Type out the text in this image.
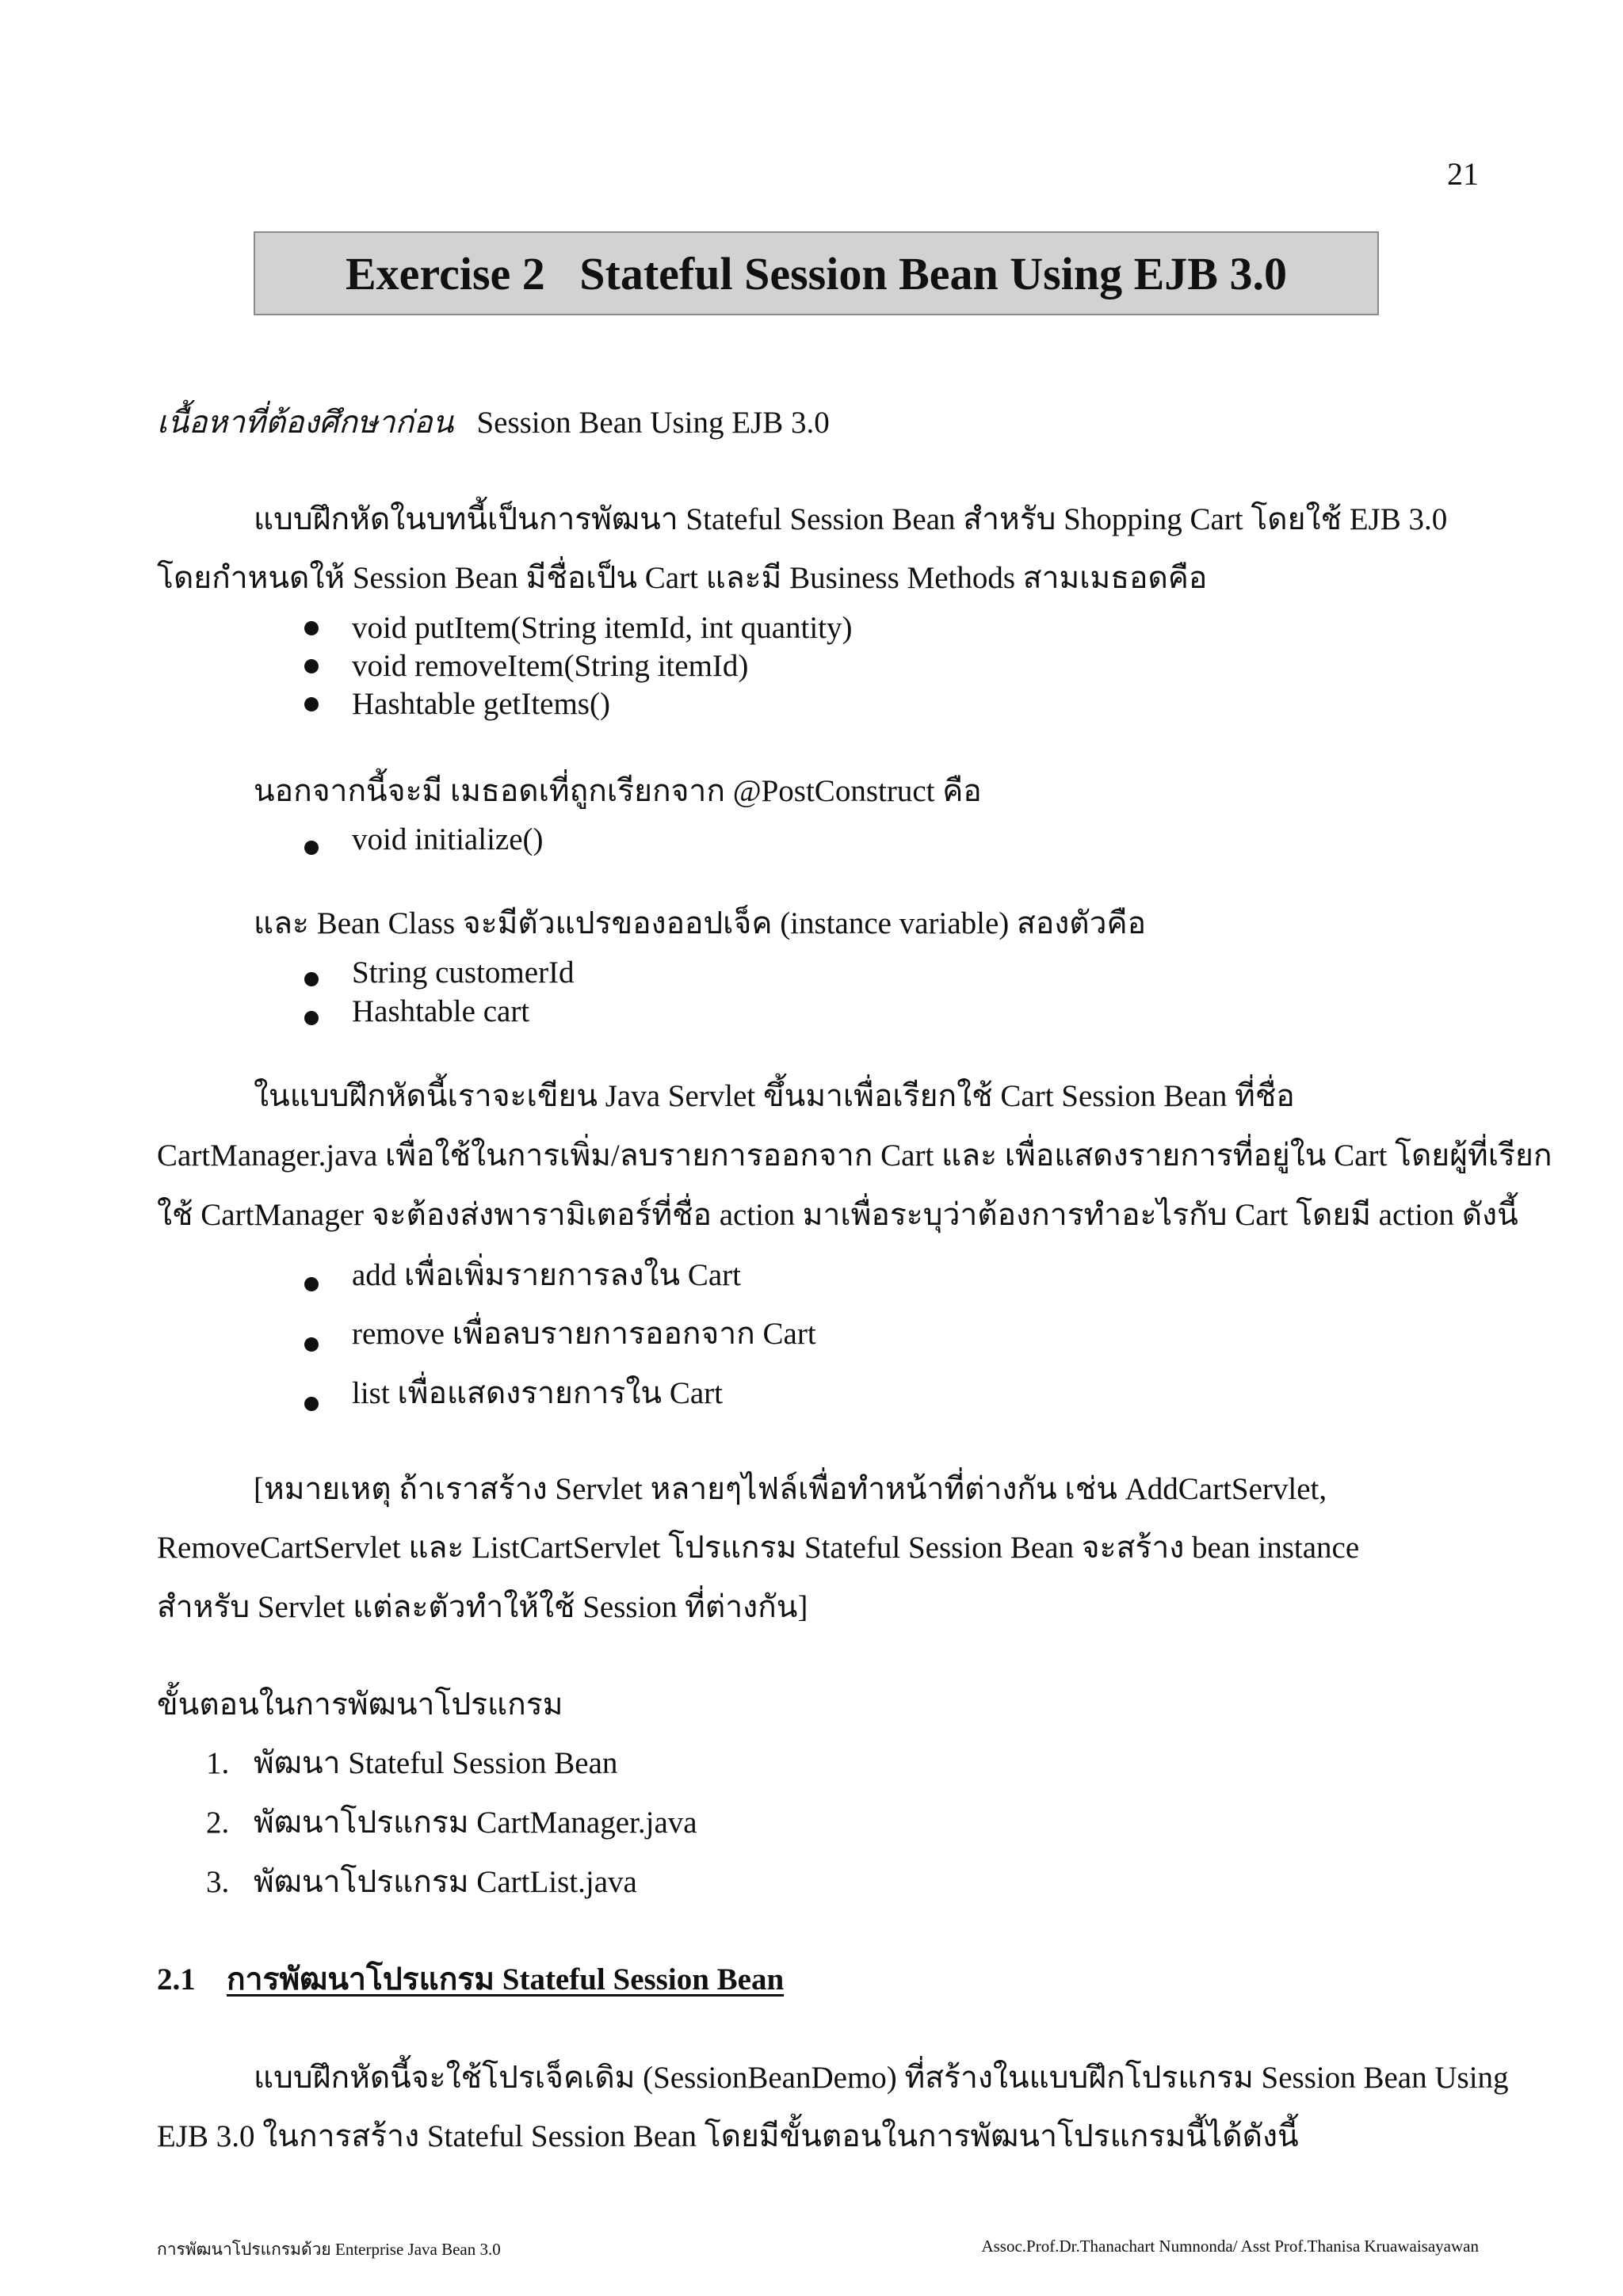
21
Exercise 2   Stateful Session Bean Using EJB 3.0
เนื้อหาที่ต้องศึกษาก่อน Session Bean Using EJB 3.0
แบบฝึกหัดในบทนี้เป็นการพัฒนา Stateful Session Bean สำหรับ Shopping Cart โดยใช้ EJB 3.0
โดยกำหนดให้ Session Bean มีชื่อเป็น Cart และมี Business Methods สามเมธอดคือ
void putItem(String itemId, int quantity)
void removeItem(String itemId)
Hashtable getItems()
นอกจากนี้จะมี เมธอดเที่ถูกเรียกจาก @PostConstruct คือ
void initialize()
และ Bean Class จะมีตัวแปรของออปเจ็ค (instance variable) สองตัวคือ
String customerId
Hashtable cart
ในแบบฝึกหัดนี้เราจะเขียน Java Servlet ขึ้นมาเพื่อเรียกใช้ Cart Session Bean ที่ชื่อ
CartManager.java เพื่อใช้ในการเพิ่ม/ลบรายการออกจาก Cart และ เพื่อแสดงรายการที่อยู่ใน Cart โดยผู้ที่เรียก
ใช้ CartManager จะต้องส่งพารามิเตอร์ที่ชื่อ action มาเพื่อระบุว่าต้องการทำอะไรกับ Cart โดยมี action ดังนี้
add เพื่อเพิ่มรายการลงใน Cart
remove เพื่อลบรายการออกจาก Cart
list เพื่อแสดงรายการใน Cart
[หมายเหตุ ถ้าเราสร้าง Servlet หลายๆไฟล์เพื่อทำหน้าที่ต่างกัน เช่น AddCartServlet,
RemoveCartServlet และ ListCartServlet โปรแกรม Stateful Session Bean จะสร้าง bean instance
สำหรับ Servlet แต่ละตัวทำให้ใช้ Session ที่ต่างกัน]
ขั้นตอนในการพัฒนาโปรแกรม
1. พัฒนา Stateful Session Bean
2. พัฒนาโปรแกรม CartManager.java
3. พัฒนาโปรแกรม CartList.java
2.1 การพัฒนาโปรแกรม Stateful Session Bean
แบบฝึกหัดนี้จะใช้โปรเจ็คเดิม (SessionBeanDemo) ที่สร้างในแบบฝึกโปรแกรม Session Bean Using
EJB 3.0 ในการสร้าง Stateful Session Bean โดยมีขั้นตอนในการพัฒนาโปรแกรมนี้ได้ดังนี้
การพัฒนาโปรแกรมด้วย Enterprise Java Bean 3.0	Assoc.Prof.Dr.Thanachart Numnonda/ Asst Prof.Thanisa Kruawaisayawan
